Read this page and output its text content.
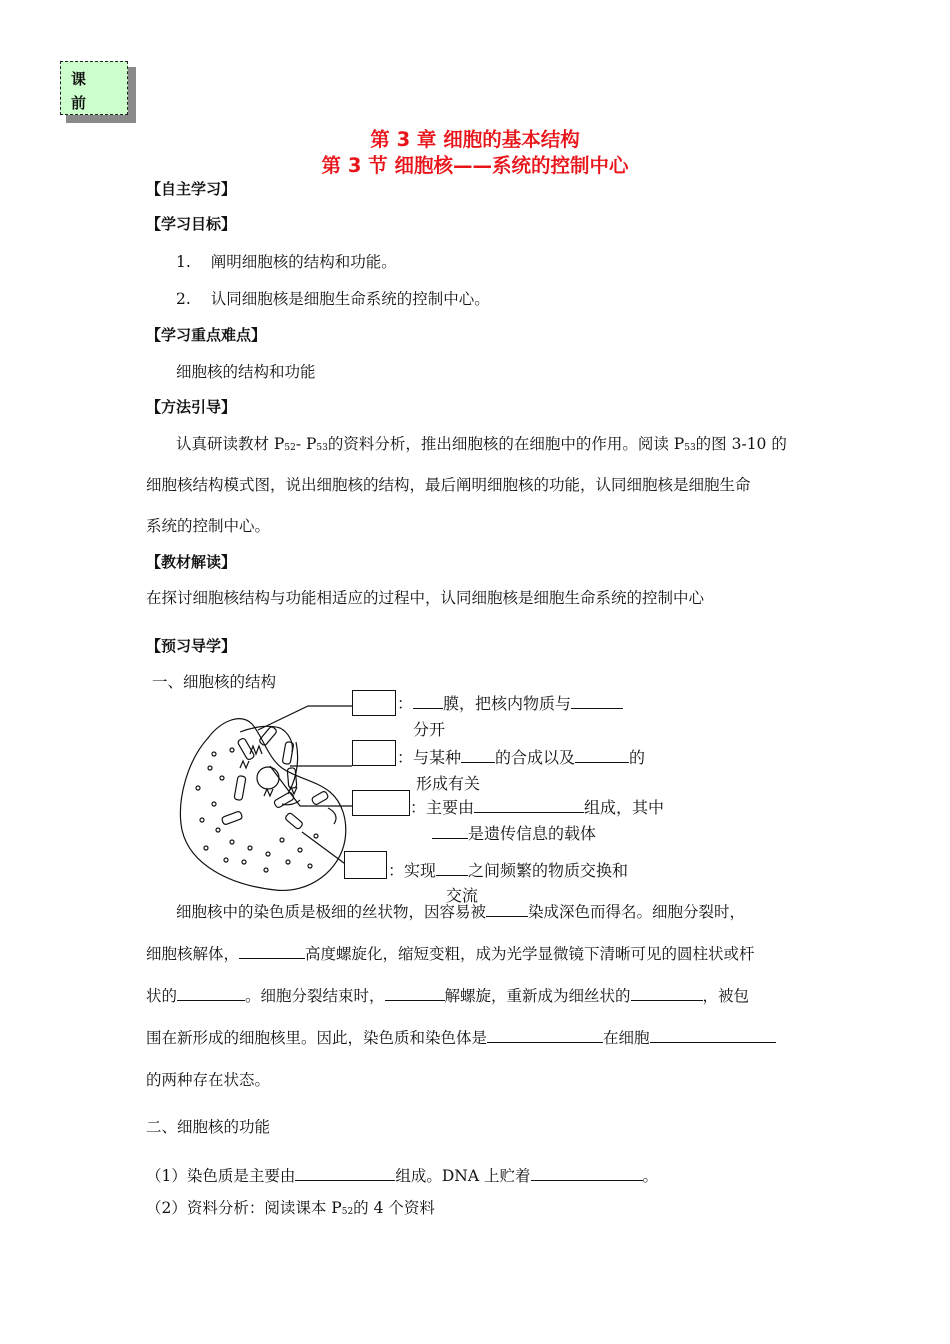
课
前
第 3 章 细胞的基本结构
第 3 节 细胞核——系统的控制中心
【自主学习】
【学习目标】
1. 阐明细胞核的结构和功能。
2. 认同细胞核是细胞生命系统的控制中心。
【学习重点难点】
细胞核的结构和功能
【方法引导】
认真研读教材 P52- P53的资料分析，推出细胞核的在细胞中的作用。阅读 P53的图 3-10 的
细胞核结构模式图，说出细胞核的结构，最后阐明细胞核的功能，认同细胞核是细胞生命
系统的控制中心。
【教材解读】
在探讨细胞核结构与功能相适应的过程中，认同细胞核是细胞生命系统的控制中心
【预习导学】
一、细胞核的结构
： 膜，把核内物质与
分开
：与某种 的合成以及	的
形成有关
：主要由	组成，其中
是遗传信息的载体
：实现 之间频繁的物质交换和
交流
细胞核中的染色质是极细的丝状物，因容易被	染成深色而得名。细胞分裂时，
细胞核解体，	高度螺旋化，缩短变粗，成为光学显微镜下清晰可见的圆柱状或杆
状的	。细胞分裂结束时，	解螺旋，重新成为细丝状的	，被包
围在新形成的细胞核里。因此，染色质和染色体是	在细胞
的两种存在状态。
二、细胞核的功能
（1）染色质是主要由	组成。DNA 上贮着	。
（2）资料分析：阅读课本 P52的 4 个资料
